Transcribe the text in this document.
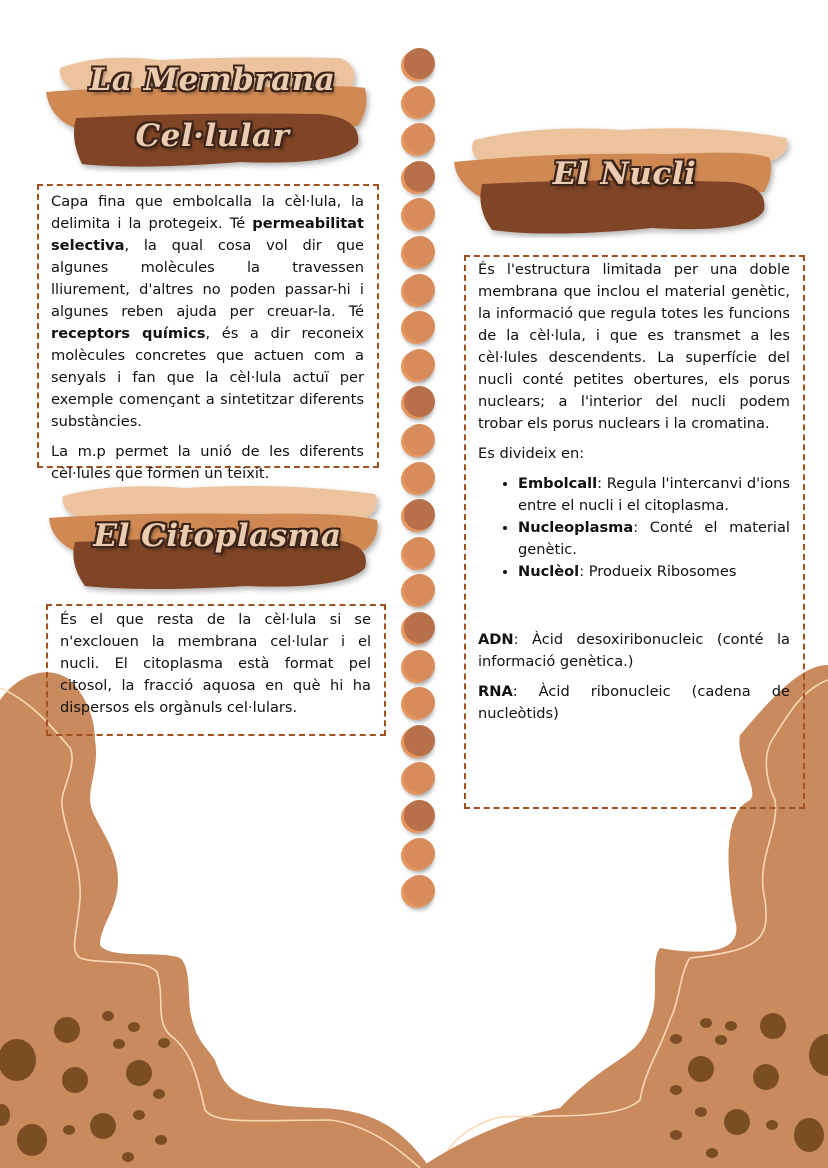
La Membrana
Cel·lular

Capa fina que embolcalla la cèl·lula, la delimita i la protegeix. Té permeabilitat selectiva, la qual cosa vol dir que algunes molècules la travessen lliurement, d'altres no poden passar-hi i algunes reben ajuda per creuar-la. Té receptors químics, és a dir reconeix molècules concretes que actuen com a senyals i fan que la cèl·lula actuï per exemple començant a sintetitzar diferents substàncies.

La m.p permet la unió de les diferents cèl·lules que formen un teixit.

El Citoplasma

És el que resta de la cèl·lula si se n'exclouen la membrana cel·lular i el nucli. El citoplasma està format pel citosol, la fracció aquosa en què hi ha dispersos els orgànuls cel·lulars.

El Nucli

És l'estructura limitada per una doble membrana que inclou el material genètic, la informació que regula totes les funcions de la cèl·lula, i que es transmet a les cèl·lules descendents. La superfície del nucli conté petites obertures, els porus nuclears; a l'interior del nucli podem trobar els porus nuclears i la cromatina.

Es divideix en:

• Embolcall: Regula l'intercanvi d'ions entre el nucli i el citoplasma.
• Nucleoplasma: Conté el material genètic.
• Nuclèol: Produeix Ribosomes

ADN: Àcid desoxiribonucleic (conté la informació genètica.)

RNA: Àcid ribonucleic (cadena de nucleòtids)
